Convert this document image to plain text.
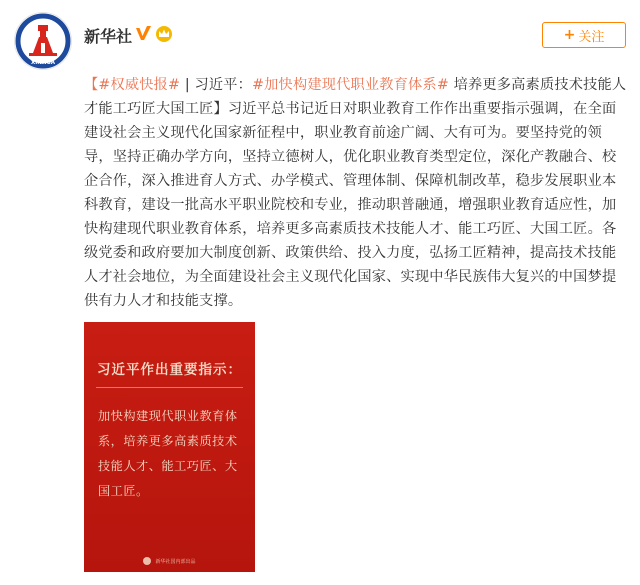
XINHUA
新华社	+ 关注
【#权威快报# | 习近平：#加快构建现代职业教育体系# 培养更多高素质技术技能人才能工巧匠大国工匠】习近平总书记近日对职业教育工作作出重要指示强调，在全面建设社会主义现代化国家新征程中，职业教育前途广阔、大有可为。要坚持党的领导，坚持正确办学方向，坚持立德树人，优化职业教育类型定位，深化产教融合、校企合作，深入推进育人方式、办学模式、管理体制、保障机制改革，稳步发展职业本科教育，建设一批高水平职业院校和专业，推动职普融通，增强职业教育适应性，加快构建现代职业教育体系，培养更多高素质技术技能人才、能工巧匠、大国工匠。各级党委和政府要加大制度创新、政策供给、投入力度，弘扬工匠精神，提高技术技能人才社会地位，为全面建设社会主义现代化国家、实现中华民族伟大复兴的中国梦提供有力人才和技能支撑。
习近平作出重要指示：
加快构建现代职业教育体系，培养更多高素质技术技能人才、能工巧匠、大国工匠。
新华社国内部出品
